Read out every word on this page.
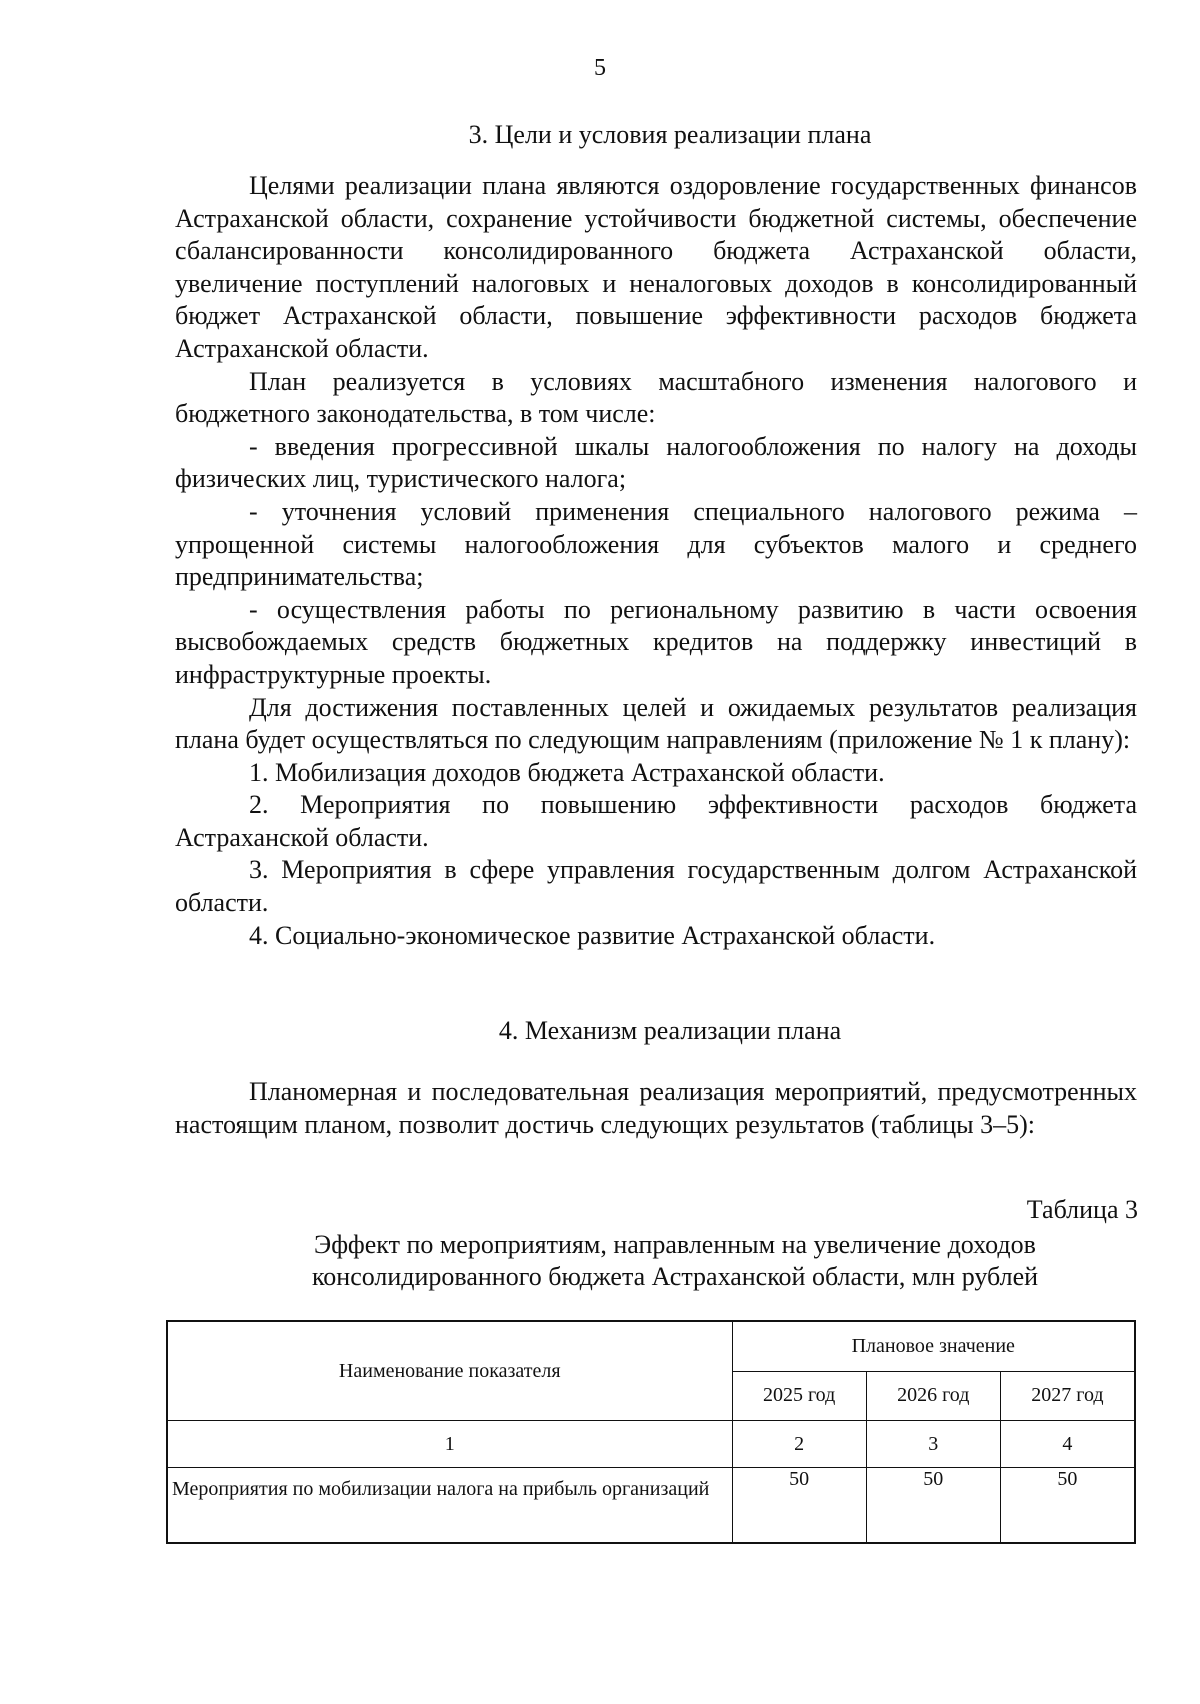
5
3. Цели и условия реализации плана

Целями реализации плана являются оздоровление государственных финансов Астраханской области, сохранение устойчивости бюджетной системы, обеспечение сбалансированности консолидированного бюджета Астраханской области, увеличение поступлений налоговых и неналоговых доходов в консолидированный бюджет Астраханской области, повышение эффективности расходов бюджета Астраханской области.

План реализуется в условиях масштабного изменения налогового и бюджетного законодательства, в том числе:

- введения прогрессивной шкалы налогообложения по налогу на доходы физических лиц, туристического налога;

- уточнения условий применения специального налогового режима – упрощенной системы налогообложения для субъектов малого и среднего предпринимательства;

- осуществления работы по региональному развитию в части освоения высвобождаемых средств бюджетных кредитов на поддержку инвестиций в инфраструктурные проекты.

Для достижения поставленных целей и ожидаемых результатов реализация плана будет осуществляться по следующим направлениям (приложение № 1 к плану):

1. Мобилизация доходов бюджета Астраханской области.

2. Мероприятия по повышению эффективности расходов бюджета Астраханской области.

3. Мероприятия в сфере управления государственным долгом Астраханской области.

4. Социально-экономическое развитие Астраханской области.

4. Механизм реализации плана

Планомерная и последовательная реализация мероприятий, предусмотренных настоящим планом, позволит достичь следующих результатов (таблицы 3–5):

Таблица 3
Эффект по мероприятиям, направленным на увеличение доходов консолидированного бюджета Астраханской области, млн рублей
Наименование показателя	Плановое значение		
	2025 год	2026 год	2027 год
1	2	3	4
Мероприятия по мобилизации налога на прибыль организаций	50	50	50
